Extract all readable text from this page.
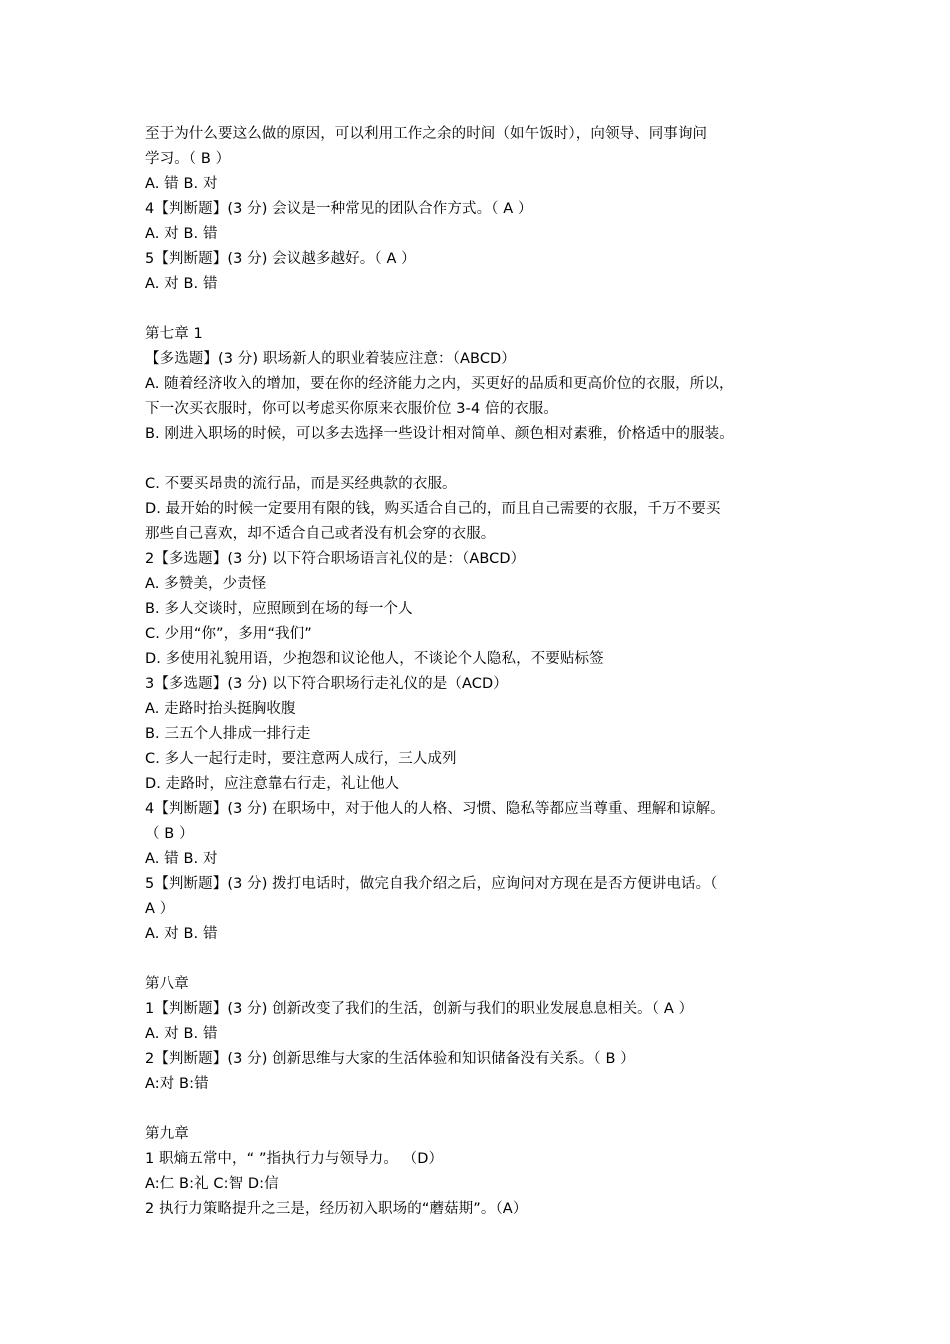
至于为什么要这么做的原因，可以利用工作之余的时间（如午饭时），向领导、同事询问
学习。（ B ）
A. 错 B. 对
4【判断题】(3 分) 会议是一种常见的团队合作方式。（ A ）
A. 对 B. 错
5【判断题】(3 分) 会议越多越好。（ A ）
A. 对 B. 错
第七章 1
【多选题】(3 分) 职场新人的职业着装应注意：（ABCD）
A. 随着经济收入的增加，要在你的经济能力之内，买更好的品质和更高价位的衣服，所以，
下一次买衣服时，你可以考虑买你原来衣服价位 3-4 倍的衣服。
B. 刚进入职场的时候，可以多去选择一些设计相对简单、颜色相对素雅，价格适中的服装。
C. 不要买昂贵的流行品，而是买经典款的衣服。
D. 最开始的时候一定要用有限的钱，购买适合自己的，而且自己需要的衣服，千万不要买
那些自己喜欢，却不适合自己或者没有机会穿的衣服。
2【多选题】(3 分) 以下符合职场语言礼仪的是：（ABCD）
A. 多赞美，少责怪
B. 多人交谈时，应照顾到在场的每一个人
C. 少用“你”，多用“我们”
D. 多使用礼貌用语，少抱怨和议论他人，不谈论个人隐私，不要贴标签
3【多选题】(3 分) 以下符合职场行走礼仪的是（ACD）
A. 走路时抬头挺胸收腹
B. 三五个人排成一排行走
C. 多人一起行走时，要注意两人成行，三人成列
D. 走路时，应注意靠右行走，礼让他人
4【判断题】(3 分) 在职场中，对于他人的人格、习惯、隐私等都应当尊重、理解和谅解。
（ B ）
A. 错 B. 对
5【判断题】(3 分) 拨打电话时，做完自我介绍之后，应询问对方现在是否方便讲电话。（
A ）
A. 对 B. 错
第八章
1【判断题】(3 分) 创新改变了我们的生活，创新与我们的职业发展息息相关。（ A ）
A. 对 B. 错
2【判断题】(3 分) 创新思维与大家的生活体验和知识储备没有关系。（ B ）
A:对 B:错
第九章
1 职熵五常中，“ ”指执行力与领导力。 （D）
A:仁 B:礼 C:智 D:信
2 执行力策略提升之三是，经历初入职场的“蘑菇期”。（A）
